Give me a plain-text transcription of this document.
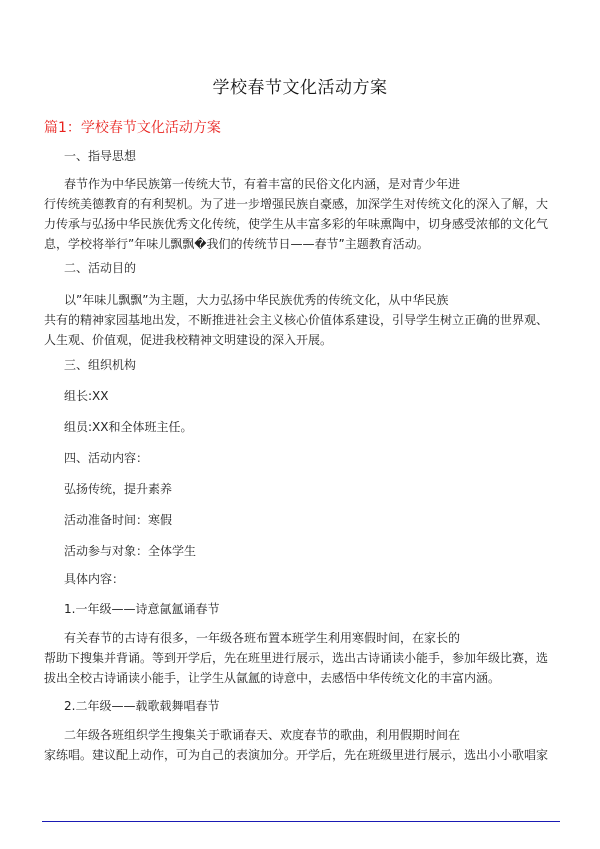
学校春节文化活动方案
篇1：学校春节文化活动方案
一、指导思想
春节作为中华民族第一传统大节，有着丰富的民俗文化内涵，是对青少年进
行传统美德教育的有利契机。为了进一步增强民族自豪感，加深学生对传统文化的深入了解，大
力传承与弘扬中华民族优秀文化传统，使学生从丰富多彩的年味熏陶中，切身感受浓郁的文化气
息，学校将举行”年味儿飘飘�我们的传统节日——春节”主题教育活动。
二、活动目的
以”年味儿飘飘”为主题，大力弘扬中华民族优秀的传统文化，从中华民族
共有的精神家园基地出发，不断推进社会主义核心价值体系建设，引导学生树立正确的世界观、
人生观、价值观，促进我校精神文明建设的深入开展。
三、组织机构
组长:XX
组员:XX和全体班主任。
四、活动内容：
弘扬传统，提升素养
活动准备时间：寒假
活动参与对象：全体学生
具体内容：
1.一年级——诗意氤氲诵春节
有关春节的古诗有很多，一年级各班布置本班学生利用寒假时间，在家长的
帮助下搜集并背诵。等到开学后，先在班里进行展示，选出古诗诵读小能手，参加年级比赛，选
拔出全校古诗诵读小能手，让学生从氤氲的诗意中，去感悟中华传统文化的丰富内涵。
2.二年级——载歌载舞唱春节
二年级各班组织学生搜集关于歌诵春天、欢度春节的歌曲，利用假期时间在
家练唱。建议配上动作，可为自己的表演加分。开学后，先在班级里进行展示，选出小小歌唱家
